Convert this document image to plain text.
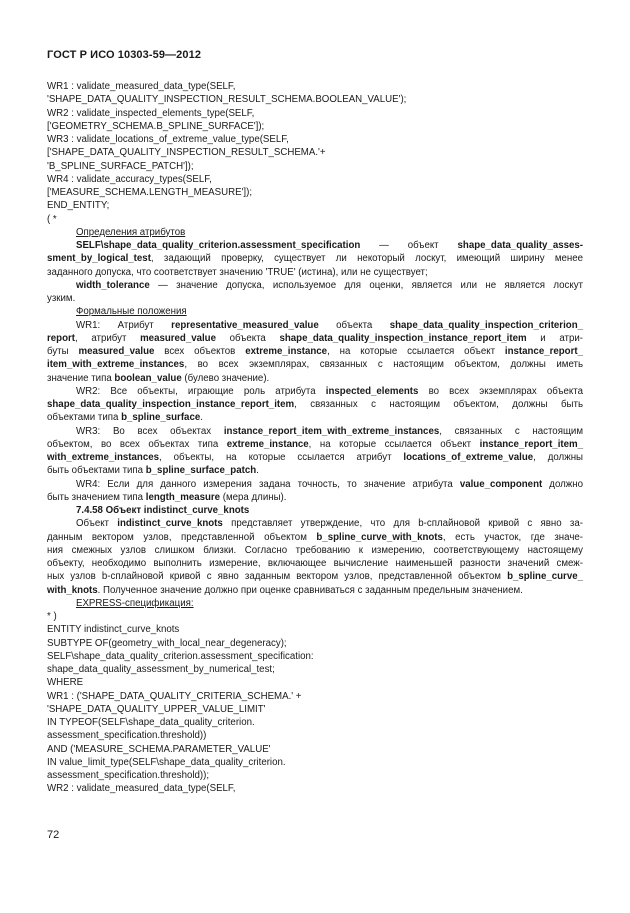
ГОСТ Р ИСО 10303-59—2012
WR1 : validate_measured_data_type(SELF,
'SHAPE_DATA_QUALITY_INSPECTION_RESULT_SCHEMA.BOOLEAN_VALUE');
WR2 : validate_inspected_elements_type(SELF,
['GEOMETRY_SCHEMA.B_SPLINE_SURFACE']);
WR3 : validate_locations_of_extreme_value_type(SELF,
['SHAPE_DATA_QUALITY_INSPECTION_RESULT_SCHEMA.'+
'B_SPLINE_SURFACE_PATCH']);
WR4 : validate_accuracy_types(SELF,
['MEASURE_SCHEMA.LENGTH_MEASURE']);
END_ENTITY;
( *
Определения атрибутов
SELF\shape_data_quality_criterion.assessment_specification — объект shape_data_quality_asses-
sment_by_logical_test, задающий проверку, существует ли некоторый лоскут, имеющий ширину менее
заданного допуска, что соответствует значению 'TRUE' (истина), или не существует;
width_tolerance — значение допуска, используемое для оценки, является или не является лоскут
узким.
Формальные положения
WR1: Атрибут representative_measured_value объекта shape_data_quality_inspection_criterion_
report, атрибут measured_value объекта shape_data_quality_inspection_instance_report_item и атри-
буты measured_value всех объектов extreme_instance, на которые ссылается объект instance_report_
item_with_extreme_instances, во всех экземплярах, связанных с настоящим объектом, должны иметь
значение типа boolean_value (булево значение).
WR2: Все объекты, играющие роль атрибута inspected_elements во всех экземплярах объекта
shape_data_quality_inspection_instance_report_item, связанных с настоящим объектом, должны быть
объектами типа b_spline_surface.
WR3: Во всех объектах instance_report_item_with_extreme_instances, связанных с настоящим
объектом, во всех объектах типа extreme_instance, на которые ссылается объект instance_report_item_
with_extreme_instances, объекты, на которые ссылается атрибут locations_of_extreme_value, должны
быть объектами типа b_spline_surface_patch.
WR4: Если для данного измерения задана точность, то значение атрибута value_component должно
быть значением типа length_measure (мера длины).
7.4.58 Объект indistinct_curve_knots
Объект indistinct_curve_knots представляет утверждение, что для b-сплайновой кривой с явно за-
данным вектором узлов, представленной объектом b_spline_curve_with_knots, есть участок, где значе-
ния смежных узлов слишком близки. Согласно требованию к измерению, соответствующему настоящему
объекту, необходимо выполнить измерение, включающее вычисление наименьшей разности значений смеж-
ных узлов b-сплайновой кривой с явно заданным вектором узлов, представленной объектом b_spline_curve_
with_knots. Полученное значение должно при оценке сравниваться с заданным предельным значением.
EXPRESS-спецификация:
* )
ENTITY indistinct_curve_knots
SUBTYPE OF(geometry_with_local_near_degeneracy);
SELF\shape_data_quality_criterion.assessment_specification:
shape_data_quality_assessment_by_numerical_test;
WHERE
WR1 : ('SHAPE_DATA_QUALITY_CRITERIA_SCHEMA.' +
'SHAPE_DATA_QUALITY_UPPER_VALUE_LIMIT'
IN TYPEOF(SELF\shape_data_quality_criterion.
assessment_specification.threshold))
AND ('MEASURE_SCHEMA.PARAMETER_VALUE'
IN value_limit_type(SELF\shape_data_quality_criterion.
assessment_specification.threshold));
WR2 : validate_measured_data_type(SELF,
72
